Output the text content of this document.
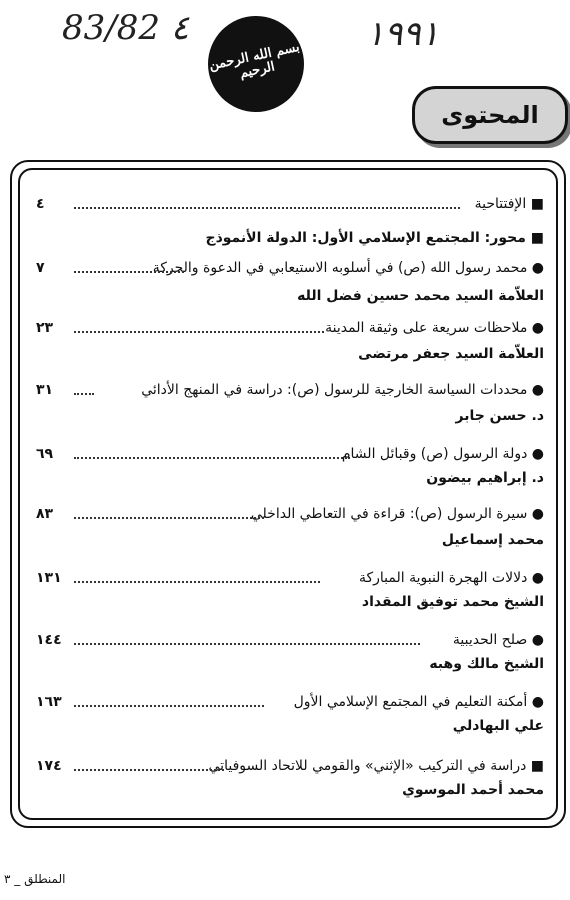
83/82 ٤	١٩٩١
بسم الله الرحمن الرحيم
المحتوى
■ الإفتتاحية
٤
■ محور: المجتمع الإسلامي الأول: الدولة الأنموذج
● محمد رسول الله (ص) في أسلوبه الاستيعابي في الدعوة والحركة
٧
العلاّمة السيد محمد حسين فضل الله
● ملاحظات سريعة على وثيقة المدينة
٢٣
العلاّمة السيد جعفر مرتضى
● محددات السياسة الخارجية للرسول (ص): دراسة في المنهج الأدائي
٣١
د. حسن جابر
● دولة الرسول (ص) وقبائل الشام
٦٩
د. إبراهيم بيضون
● سيرة الرسول (ص): قراءة في التعاطي الداخلي
٨٣
محمد إسماعيل
● دلالات الهجرة النبوية المباركة
١٣١
الشيخ محمد توفيق المقداد
● صلح الحديبية
١٤٤
الشيخ مالك وهبه
● أمكنة التعليم في المجتمع الإسلامي الأول
١٦٣
علي البهادلي
■ دراسة في التركيب «الإثني» والقومي للاتحاد السوفياتي
١٧٤
محمد أحمد الموسوي
المنطلق _ ٣
